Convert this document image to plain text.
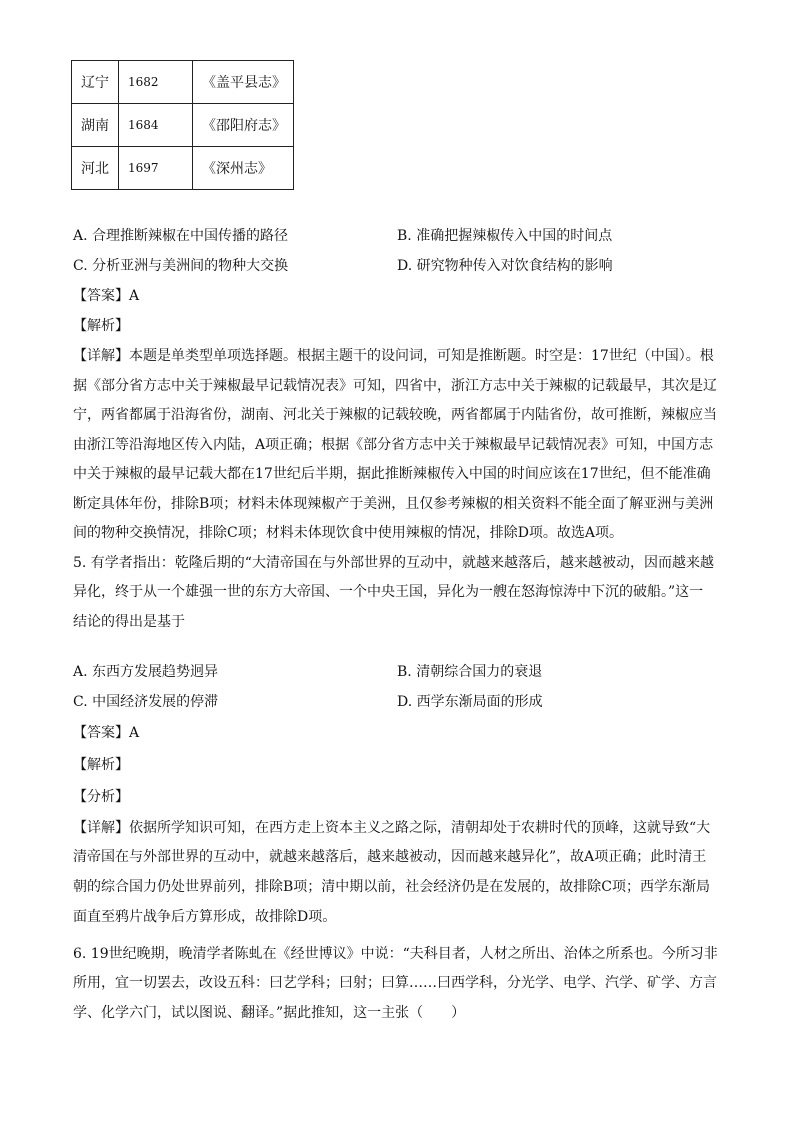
辽宁	1682	《盖平县志》
湖南	1684	《邵阳府志》
河北	1697	《深州志》
A. 合理推断辣椒在中国传播的路径	B. 准确把握辣椒传入中国的时间点
C. 分析亚洲与美洲间的物种大交换	D. 研究物种传入对饮食结构的影响
【答案】A
【解析】
【详解】本题是单类型单项选择题。根据主题干的设问词，可知是推断题。时空是：17世纪（中国）。根
据《部分省方志中关于辣椒最早记载情况表》可知，四省中，浙江方志中关于辣椒的记载最早，其次是辽
宁，两省都属于沿海省份，湖南、河北关于辣椒的记载较晚，两省都属于内陆省份，故可推断，辣椒应当
由浙江等沿海地区传入内陆，A项正确；根据《部分省方志中关于辣椒最早记载情况表》可知，中国方志
中关于辣椒的最早记载大都在17世纪后半期，据此推断辣椒传入中国的时间应该在17世纪，但不能准确
断定具体年份，排除B项；材料未体现辣椒产于美洲，且仅参考辣椒的相关资料不能全面了解亚洲与美洲
间的物种交换情况，排除C项；材料未体现饮食中使用辣椒的情况，排除D项。故选A项。
5. 有学者指出：乾隆后期的“大清帝国在与外部世界的互动中，就越来越落后，越来越被动，因而越来越
异化，终于从一个雄强一世的东方大帝国、一个中央王国，异化为一艘在怒海惊涛中下沉的破船。”这一
结论的得出是基于
A. 东西方发展趋势迥异	B. 清朝综合国力的衰退
C. 中国经济发展的停滞	D. 西学东渐局面的形成
【答案】A
【解析】
【分析】
【详解】依据所学知识可知，在西方走上资本主义之路之际，清朝却处于农耕时代的顶峰，这就导致“大
清帝国在与外部世界的互动中，就越来越落后，越来越被动，因而越来越异化”，故A项正确；此时清王
朝的综合国力仍处世界前列，排除B项；清中期以前，社会经济仍是在发展的，故排除C项；西学东渐局
面直至鸦片战争后方算形成，故排除D项。
6. 19世纪晚期，晚清学者陈虬在《经世博议》中说：“夫科目者，人材之所出、治体之所系也。今所习非
所用，宜一切罢去，改设五科：曰艺学科；曰射；曰算……曰西学科，分光学、电学、汽学、矿学、方言
学、化学六门，试以图说、翻译。”据此推知，这一主张（　　）
